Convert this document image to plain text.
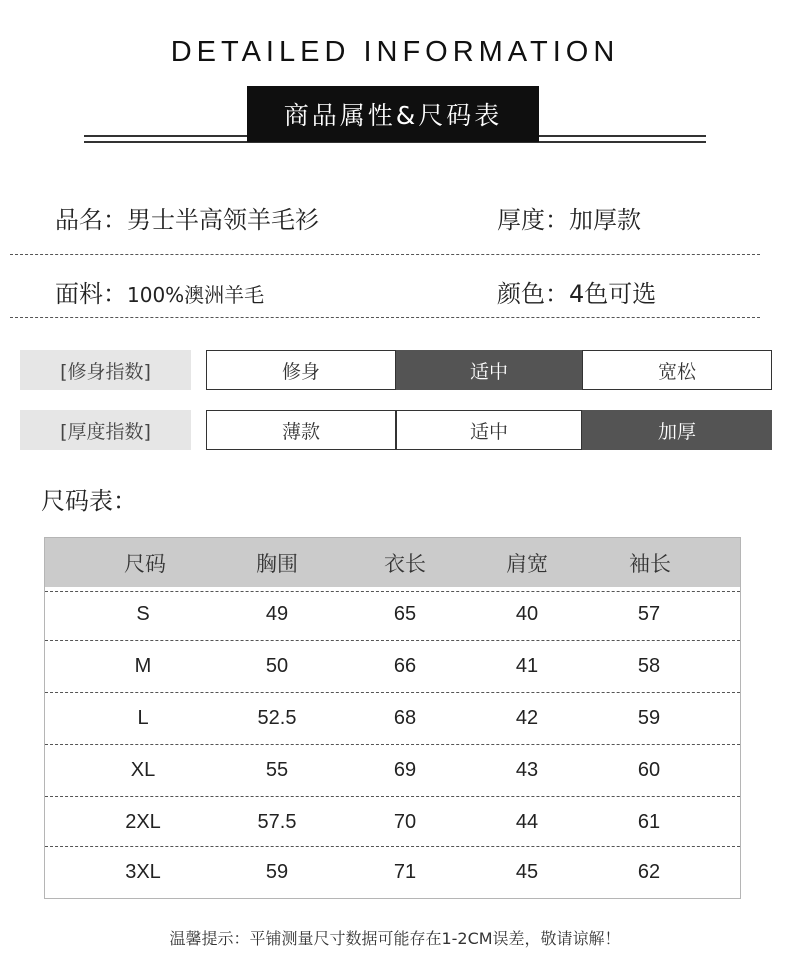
DETAILED INFORMATION
商品属性&尺码表
品名：男士半高领羊毛衫	厚度：加厚款
面料：100%澳洲羊毛	颜色：4色可选
[修身指数]	修身	适中	宽松
[厚度指数]	薄款	适中	加厚
尺码表：
尺码	胸围	衣长	肩宽	袖长
S	49	65	40	57
M	50	66	41	58
L	52.5	68	42	59
XL	55	69	43	60
2XL	57.5	70	44	61
3XL	59	71	45	62
温馨提示：平铺测量尺寸数据可能存在1-2CM误差，敬请谅解！
